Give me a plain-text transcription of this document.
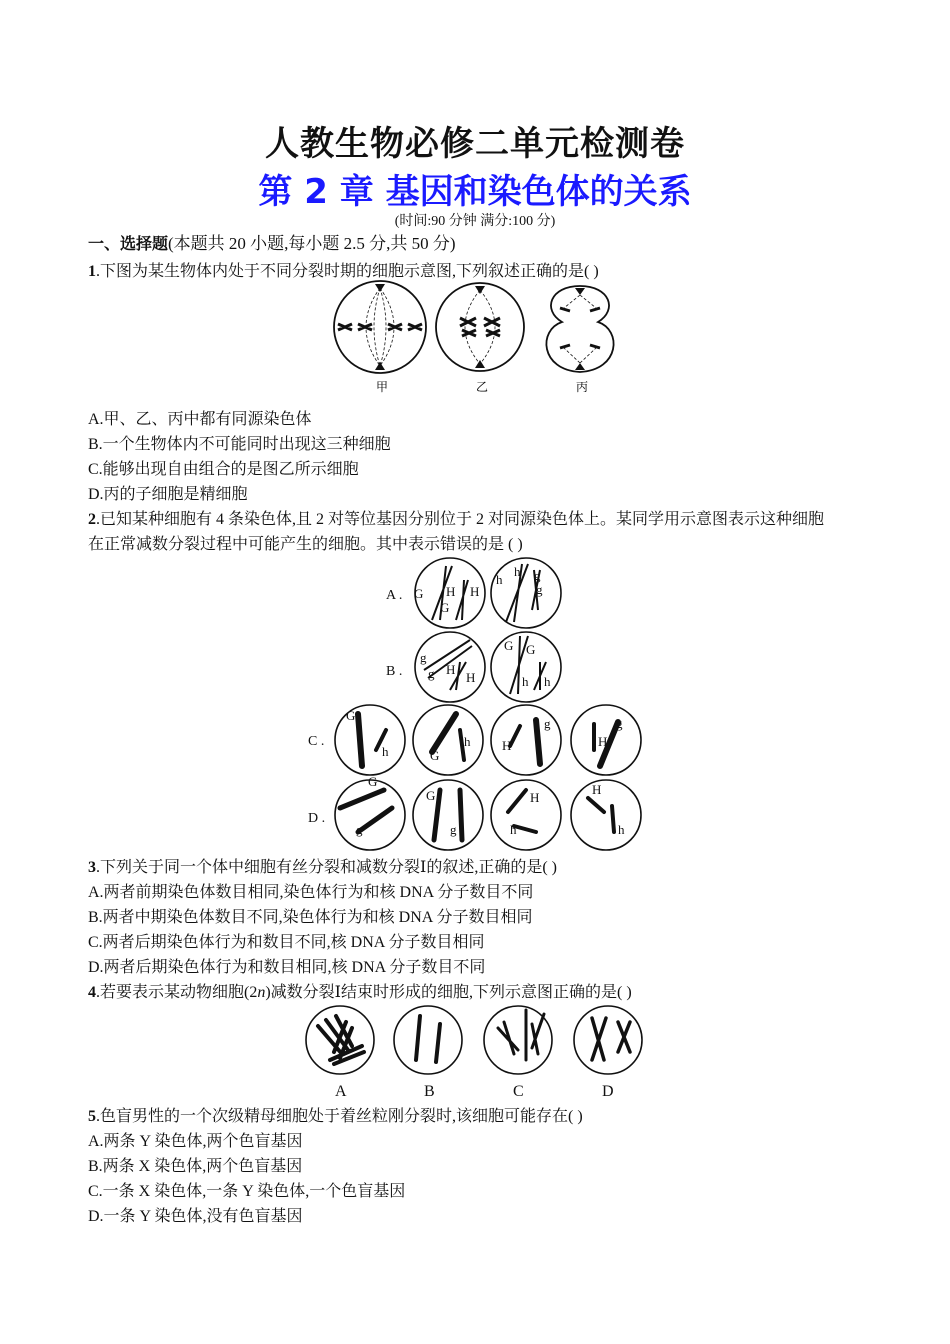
人教生物必修二单元检测卷
第 2 章 基因和染色体的关系
(时间:90 分钟 满分:100 分)
一、选择题(本题共 20 小题,每小题 2.5 分,共 50 分)
1.下图为某生物体内处于不同分裂时期的细胞示意图,下列叙述正确的是( )
甲	乙	丙
A.甲、乙、丙中都有同源染色体
B.一个生物体内不可能同时出现这三种细胞
C.能够出现自由组合的是图乙所示细胞
D.丙的子细胞是精细胞
2.已知某种细胞有 4 条染色体,且 2 对等位基因分别位于 2 对同源染色体上。某同学用示意图表示这种细胞
在正常减数分裂过程中可能产生的细胞。其中表示错误的是 ( )
A . G
G
H H
h
h g
g
B .
g
g H
H
G G
h h
C .
G
h	G
h
g
H
g
H
D .
G
g
G
g
H
h
H
h
3.下列关于同一个体中细胞有丝分裂和减数分裂Ⅰ的叙述,正确的是( )
A.两者前期染色体数目相同,染色体行为和核 DNA 分子数目不同
B.两者中期染色体数目不同,染色体行为和核 DNA 分子数目相同
C.两者后期染色体行为和数目不同,核 DNA 分子数目相同
D.两者后期染色体行为和数目相同,核 DNA 分子数目不同
4.若要表示某动物细胞(2n)减数分裂Ⅰ结束时形成的细胞,下列示意图正确的是( )
A	B	C	D
5.色盲男性的一个次级精母细胞处于着丝粒刚分裂时,该细胞可能存在( )
A.两条 Y 染色体,两个色盲基因
B.两条 X 染色体,两个色盲基因
C.一条 X 染色体,一条 Y 染色体,一个色盲基因
D.一条 Y 染色体,没有色盲基因
